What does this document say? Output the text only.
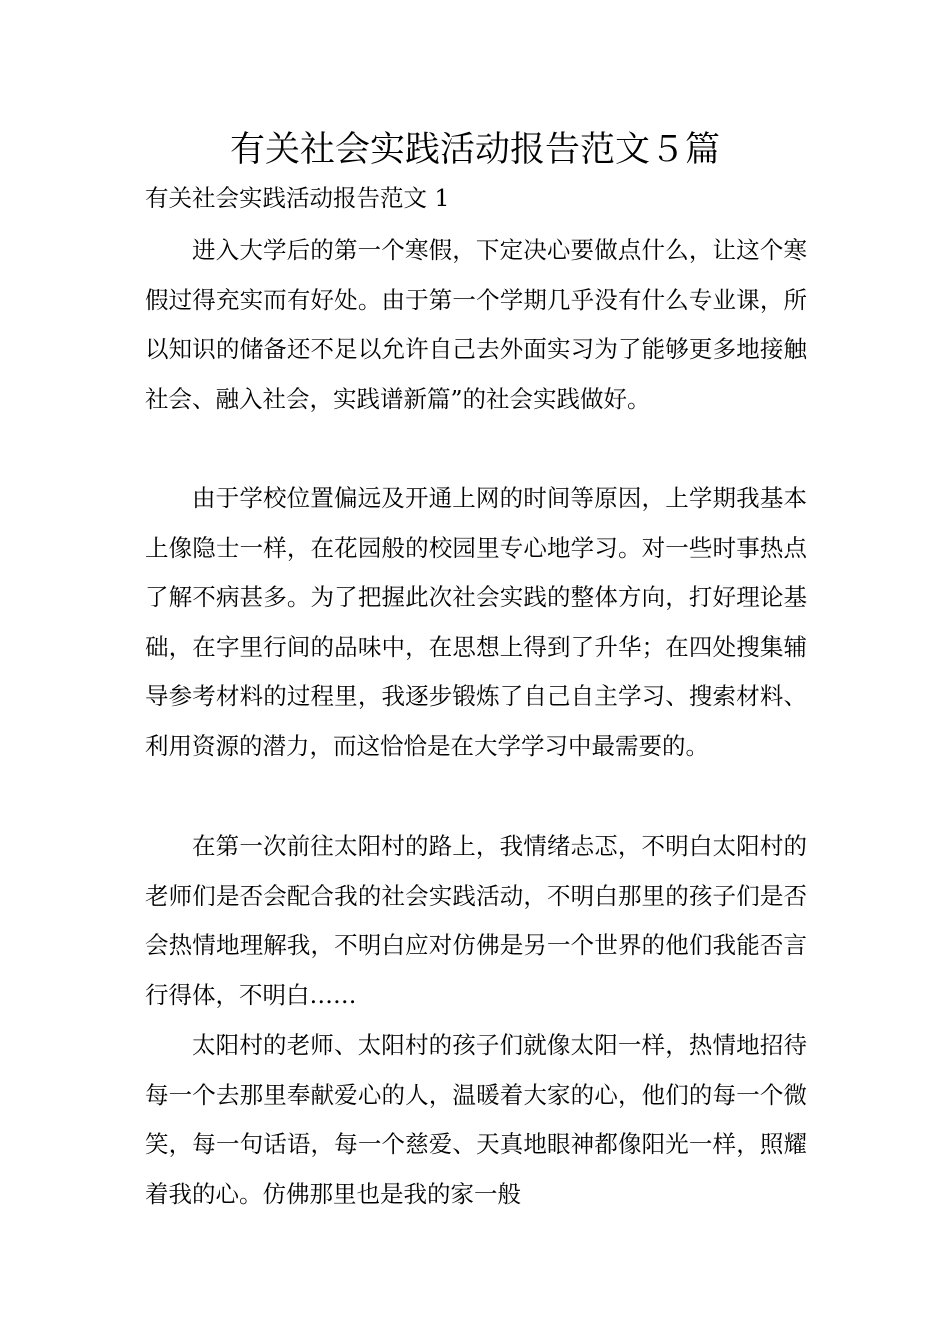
有关社会实践活动报告范文５篇
有关社会实践活动报告范文 1

进入大学后的第一个寒假，下定决心要做点什么，让这个寒假过得充实而有好处。由于第一个学期几乎没有什么专业课，所以知识的储备还不足以允许自己去外面实习为了能够更多地接触社会、融入社会，实践谱新篇”的社会实践做好。

由于学校位置偏远及开通上网的时间等原因，上学期我基本上像隐士一样，在花园般的校园里专心地学习。对一些时事热点了解不病甚多。为了把握此次社会实践的整体方向，打好理论基础，在字里行间的品味中，在思想上得到了升华；在四处搜集辅导参考材料的过程里，我逐步锻炼了自己自主学习、搜索材料、利用资源的潜力，而这恰恰是在大学学习中最需要的。

在第一次前往太阳村的路上，我情绪忐忑，不明白太阳村的老师们是否会配合我的社会实践活动，不明白那里的孩子们是否会热情地理解我，不明白应对仿佛是另一个世界的他们我能否言行得体，不明白……

太阳村的老师、太阳村的孩子们就像太阳一样，热情地招待每一个去那里奉献爱心的人，温暖着大家的心，他们的每一个微笑，每一句话语，每一个慈爱、天真地眼神都像阳光一样，照耀着我的心。仿佛那里也是我的家一般
